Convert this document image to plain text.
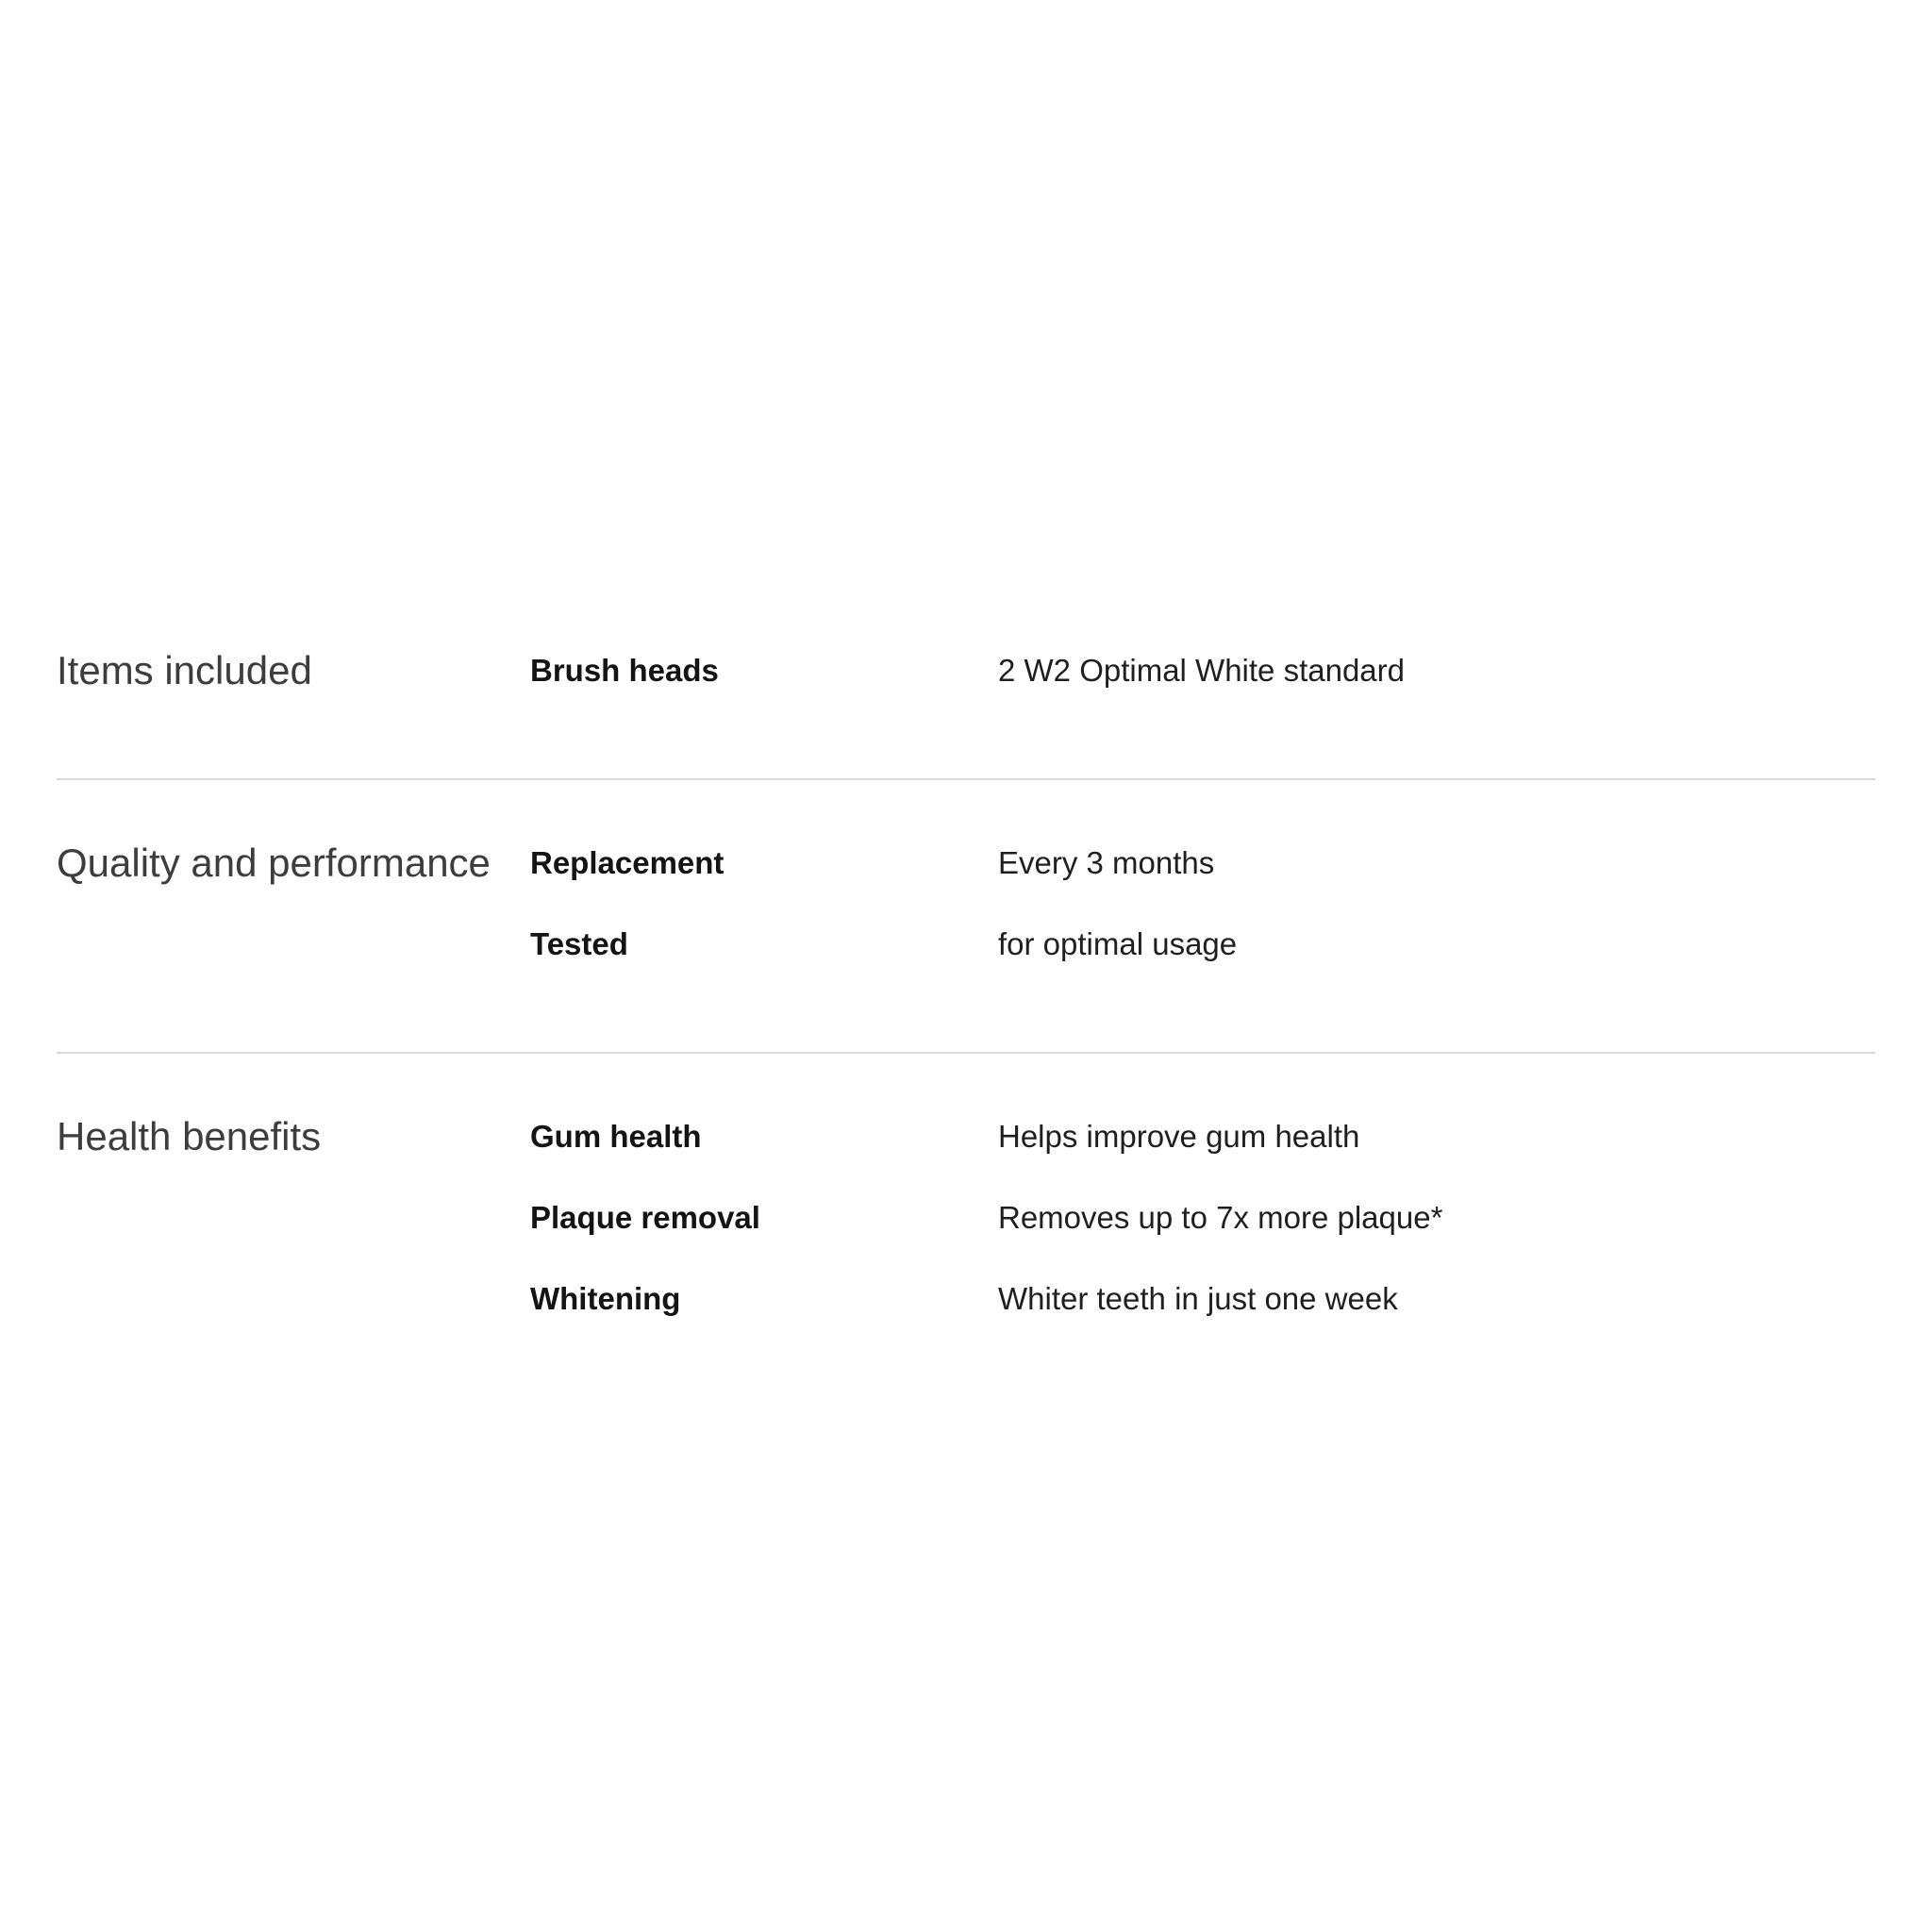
Items included	Brush heads	2 W2 Optimal White standard
Quality and performance	Replacement	Every 3 months
Tested	for optimal usage
Health benefits	Gum health	Helps improve gum health
Plaque removal	Removes up to 7x more plaque*
Whitening	Whiter teeth in just one week
